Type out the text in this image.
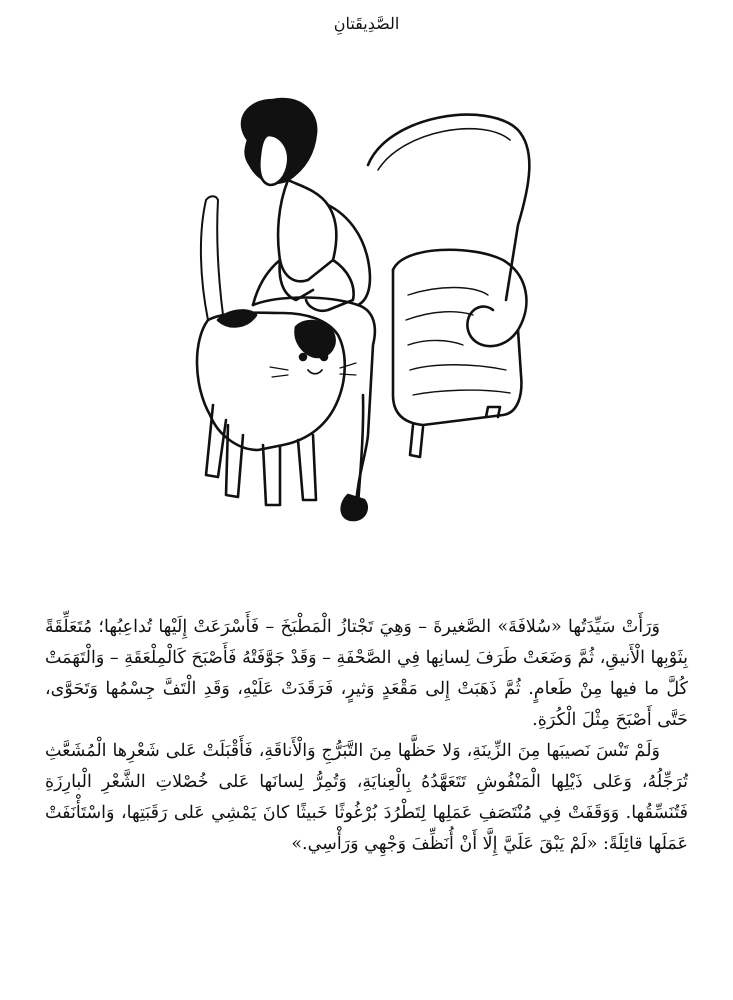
الصَّدِيقَتانِ

وَرَأَتْ سَيِّدَتُها «سُلافَةَ» الصَّغيرةَ – وَهِيَ تَجْتازُ الْمَطْبَخَ – فَأَسْرَعَتْ إِلَيْها تُداعِبُها؛ مُتَعَلِّقَةً بِثَوْبِها الْأَنيقِ، ثُمَّ وَضَعَتْ طَرَفَ لِسانِها فِي الصَّحْفَةِ – وَقَدْ جَوَّفَتْهُ فَأَصْبَحَ كَالْمِلْعَقَةِ – وَالْتَهَمَتْ كُلَّ ما فيها مِنْ طَعامٍ. ثُمَّ ذَهَبَتْ إِلى مَقْعَدٍ وَثيرٍ، فَرَقَدَتْ عَلَيْهِ، وَقَدِ الْتَفَّ جِسْمُها وَتَحَوَّى، حَتَّى أَصْبَحَ مِثْلَ الْكُرَةِ.

وَلَمْ تَنْسَ نَصيبَها مِنَ الزِّينَةِ، وَلا حَظَّها مِنَ التَّبَرُّجِ وَالْأَناقَةِ، فَأَقْبَلَتْ عَلى شَعْرِها الْمُشَعَّثِ تُرَجِّلُهُ، وَعَلى ذَيْلِها الْمَنْفُوشِ تَتَعَهَّدُهُ بِالْعِنايَةِ، وَتُمِرُّ لِسانَها عَلى خُصْلاتِ الشَّعْرِ الْبارِزَةِ فَتُنَسِّقُها. وَوَقَفَتْ فِي مُنْتَصَفِ عَمَلِها لِتَطْرُدَ بُرْغُوثًا خَبيثًا كانَ يَمْشِي عَلى رَقَبَتِها، وَاسْتَأْنَفَتْ عَمَلَها قائِلَةً: «لَمْ يَبْقَ عَلَيَّ إِلَّا أَنْ أُنَظِّفَ وَجْهِي وَرَأْسِي.»
